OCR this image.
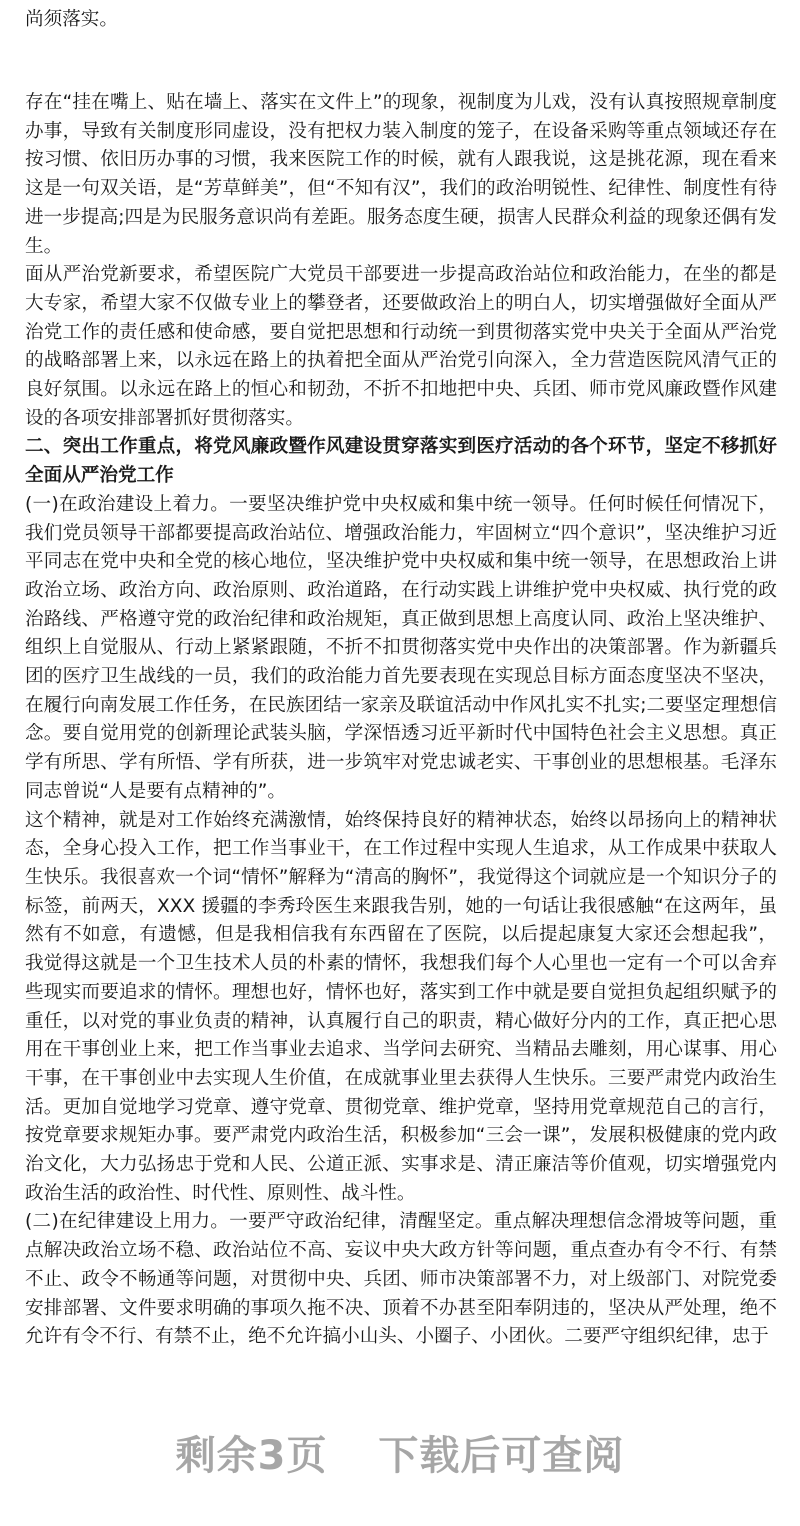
尚须落实。

存在“挂在嘴上、贴在墙上、落实在文件上”的现象，视制度为儿戏，没有认真按照规章制度办事，导致有关制度形同虚设，没有把权力装入制度的笼子，在设备采购等重点领域还存在按习惯、依旧历办事的习惯，我来医院工作的时候，就有人跟我说，这是挑花源，现在看来这是一句双关语，是“芳草鲜美”，但“不知有汉”，我们的政治明锐性、纪律性、制度性有待进一步提高;四是为民服务意识尚有差距。服务态度生硬，损害人民群众利益的现象还偶有发生。

面从严治党新要求，希望医院广大党员干部要进一步提高政治站位和政治能力，在坐的都是大专家，希望大家不仅做专业上的攀登者，还要做政治上的明白人，切实增强做好全面从严治党工作的责任感和使命感，要自觉把思想和行动统一到贯彻落实党中央关于全面从严治党的战略部署上来，以永远在路上的执着把全面从严治党引向深入，全力营造医院风清气正的良好氛围。以永远在路上的恒心和韧劲，不折不扣地把中央、兵团、师市党风廉政暨作风建设的各项安排部署抓好贯彻落实。

二、突出工作重点，将党风廉政暨作风建设贯穿落实到医疗活动的各个环节，坚定不移抓好全面从严治党工作

(一)在政治建设上着力。一要坚决维护党中央权威和集中统一领导。任何时候任何情况下，我们党员领导干部都要提高政治站位、增强政治能力，牢固树立“四个意识”，坚决维护习近平同志在党中央和全党的核心地位，坚决维护党中央权威和集中统一领导，在思想政治上讲政治立场、政治方向、政治原则、政治道路，在行动实践上讲维护党中央权威、执行党的政治路线、严格遵守党的政治纪律和政治规矩，真正做到思想上高度认同、政治上坚决维护、组织上自觉服从、行动上紧紧跟随，不折不扣贯彻落实党中央作出的决策部署。作为新疆兵团的医疗卫生战线的一员，我们的政治能力首先要表现在实现总目标方面态度坚决不坚决，在履行向南发展工作任务，在民族团结一家亲及联谊活动中作风扎实不扎实;二要坚定理想信念。要自觉用党的创新理论武装头脑，学深悟透习近平新时代中国特色社会主义思想。真正学有所思、学有所悟、学有所获，进一步筑牢对党忠诚老实、干事创业的思想根基。毛泽东同志曾说“人是要有点精神的”。

这个精神，就是对工作始终充满激情，始终保持良好的精神状态，始终以昂扬向上的精神状态，全身心投入工作，把工作当事业干，在工作过程中实现人生追求，从工作成果中获取人生快乐。我很喜欢一个词“情怀”解释为“清高的胸怀”，我觉得这个词就应是一个知识分子的标签，前两天，XXX 援疆的李秀玲医生来跟我告别，她的一句话让我很感触“在这两年，虽然有不如意，有遗憾，但是我相信我有东西留在了医院，以后提起康复大家还会想起我”，我觉得这就是一个卫生技术人员的朴素的情怀，我想我们每个人心里也一定有一个可以舍弃些现实而要追求的情怀。理想也好，情怀也好，落实到工作中就是要自觉担负起组织赋予的重任，以对党的事业负责的精神，认真履行自己的职责，精心做好分内的工作，真正把心思用在干事创业上来，把工作当事业去追求、当学问去研究、当精品去雕刻，用心谋事、用心干事，在干事创业中去实现人生价值，在成就事业里去获得人生快乐。三要严肃党内政治生活。更加自觉地学习党章、遵守党章、贯彻党章、维护党章，坚持用党章规范自己的言行，按党章要求规矩办事。要严肃党内政治生活，积极参加“三会一课”，发展积极健康的党内政治文化，大力弘扬忠于党和人民、公道正派、实事求是、清正廉洁等价值观，切实增强党内政治生活的政治性、时代性、原则性、战斗性。

(二)在纪律建设上用力。一要严守政治纪律，清醒坚定。重点解决理想信念滑坡等问题，重点解决政治立场不稳、政治站位不高、妄议中央大政方针等问题，重点查办有令不行、有禁不止、政令不畅通等问题，对贯彻中央、兵团、师市决策部署不力，对上级部门、对院党委安排部署、文件要求明确的事项久拖不决、顶着不办甚至阳奉阴违的，坚决从严处理，绝不允许有令不行、有禁不止，绝不允许搞小山头、小圈子、小团伙。二要严守组织纪律，忠于

剩余3页 下载后可查阅
